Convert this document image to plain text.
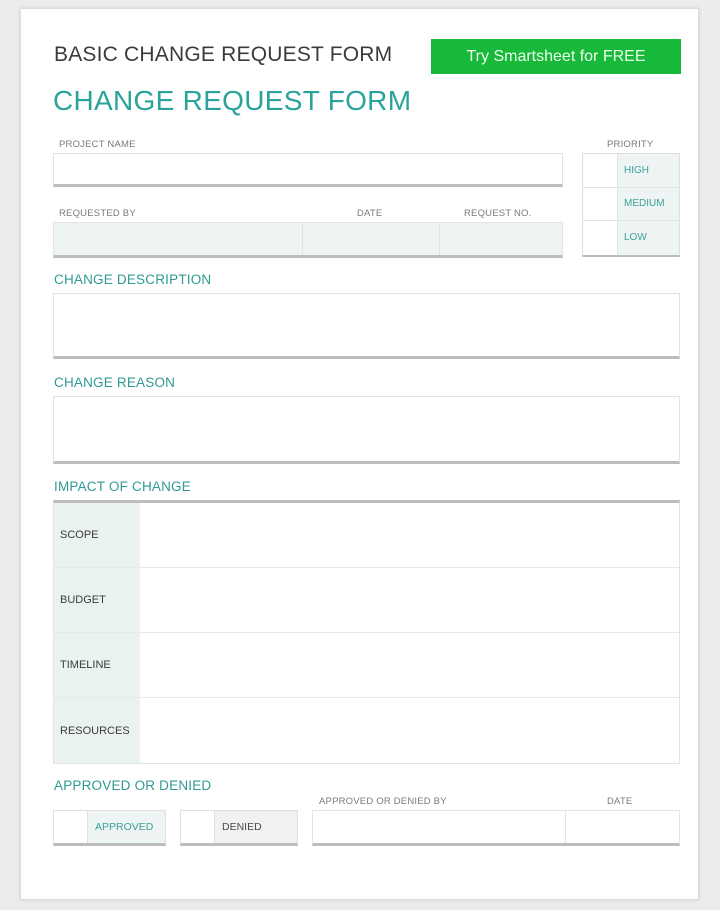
BASIC CHANGE REQUEST FORM	Try Smartsheet for FREE
CHANGE REQUEST FORM
PROJECT NAME
REQUESTED BY	DATE	REQUEST NO.
PRIORITY
HIGH
MEDIUM
LOW
CHANGE DESCRIPTION
CHANGE REASON
IMPACT OF CHANGE
SCOPE
BUDGET
TIMELINE
RESOURCES
APPROVED OR DENIED
APPROVED OR DENIED BY	DATE
APPROVED	DENIED
